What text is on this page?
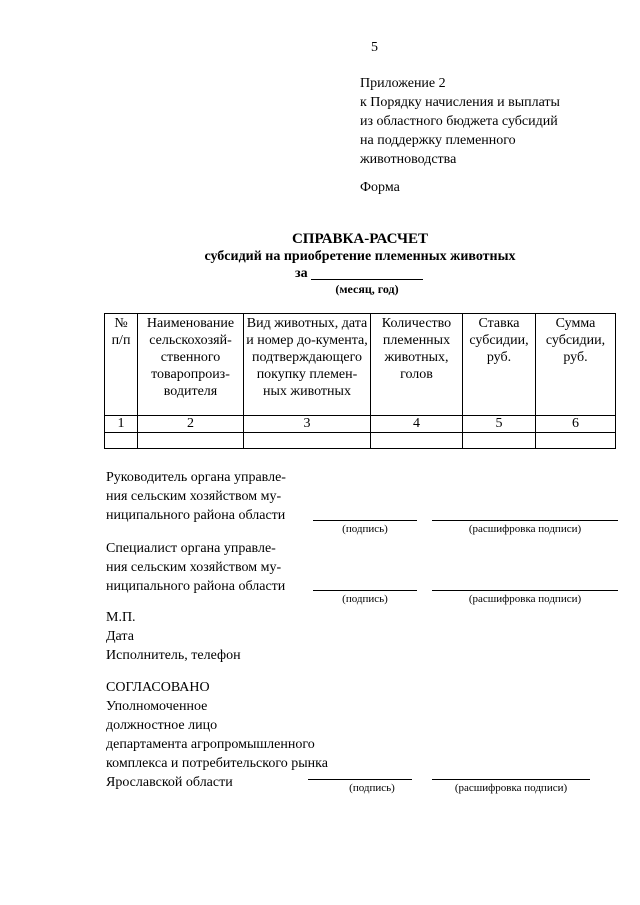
5
Приложение 2
к Порядку начисления и выплаты
из областного бюджета субсидий
на поддержку племенного
животноводства
Форма
СПРАВКА-РАСЧЕТ
субсидий на приобретение племенных животных
за
(месяц, год)
№ п/п	Наименование сельскохозяй-ственного товаропроиз-водителя	Вид животных, дата и номер до-кумента, подтверждающего покупку племен-ных животных	Количество племенных животных, голов	Ставка субсидии, руб.	Сумма субсидии, руб.
1	2	3	4	5	6

Руководитель органа управле-
ния сельским хозяйством му-
ниципального района области
(подпись)	(расшифровка подписи)
Специалист органа управле-
ния сельским хозяйством му-
ниципального района области
(подпись)	(расшифровка подписи)
М.П.
Дата
Исполнитель, телефон
СОГЛАСОВАНО
Уполномоченное
должностное лицо
департамента агропромышленного
комплекса и потребительского рынка
Ярославской области	(подпись)	(расшифровка подписи)
